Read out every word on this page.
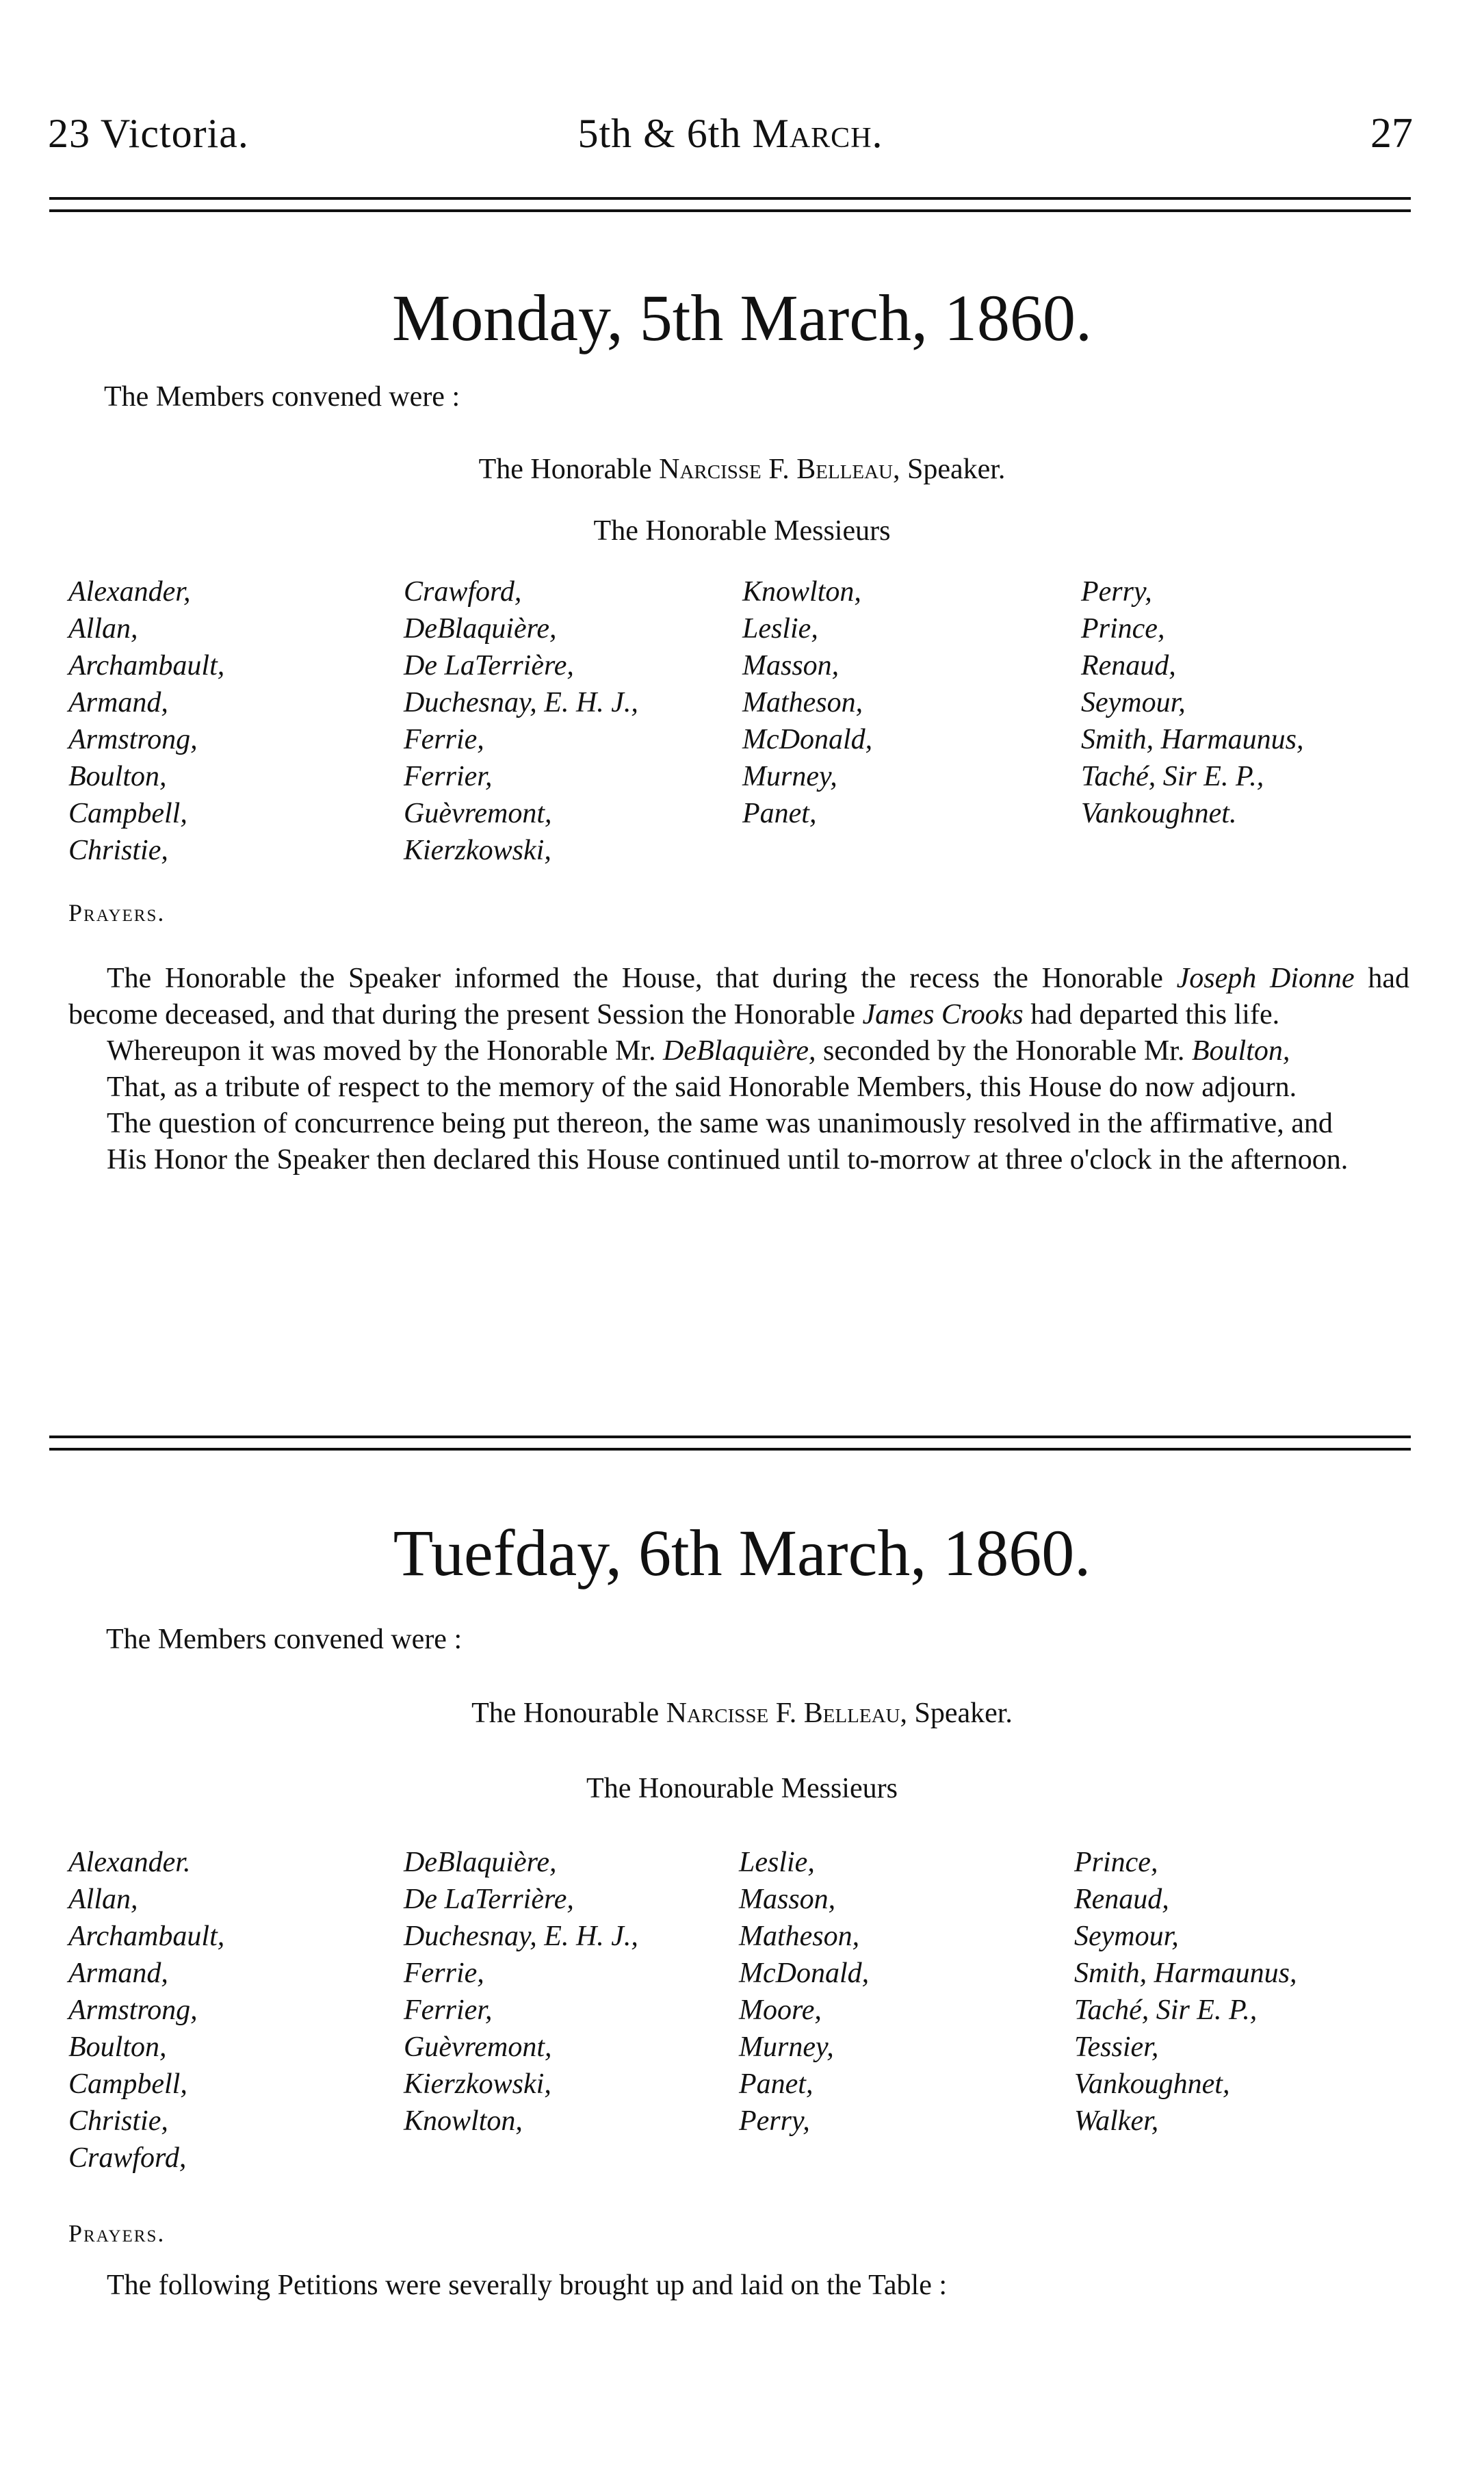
23 Victoria.	5th & 6th March.	27
Monday, 5th March, 1860.
The Members convened were :
The Honorable Narcisse F. Belleau, Speaker.
The Honorable Messieurs
Alexander,
Allan,
Archambault,
Armand,
Armstrong,
Boulton,
Campbell,
Christie,
Crawford,
DeBlaquière,
De LaTerrière,
Duchesnay, E. H. J.,
Ferrie,
Ferrier,
Guèvremont,
Kierzkowski,
Knowlton,
Leslie,
Masson,
Matheson,
McDonald,
Murney,
Panet,
Perry,
Prince,
Renaud,
Seymour,
Smith, Harmaunus,
Taché, Sir E. P.,
Vankoughnet.
Prayers.

The Honorable the Speaker informed the House, that during the recess the Honorable Joseph Dionne had become deceased, and that during the present Session the Honorable James Crooks had departed this life.

Whereupon it was moved by the Honorable Mr. DeBlaquière, seconded by the Honorable Mr. Boulton,

That, as a tribute of respect to the memory of the said Honorable Members, this House do now adjourn.

The question of concurrence being put thereon, the same was unanimously resolved in the affirmative, and

His Honor the Speaker then declared this House continued until to-morrow at three o'clock in the afternoon.

Tuefday, 6th March, 1860.
The Members convened were :
The Honourable Narcisse F. Belleau, Speaker.
The Honourable Messieurs
Alexander.
Allan,
Archambault,
Armand,
Armstrong,
Boulton,
Campbell,
Christie,
Crawford,
DeBlaquière,
De LaTerrière,
Duchesnay, E. H. J.,
Ferrie,
Ferrier,
Guèvremont,
Kierzkowski,
Knowlton,
Leslie,
Masson,
Matheson,
McDonald,
Moore,
Murney,
Panet,
Perry,
Prince,
Renaud,
Seymour,
Smith, Harmaunus,
Taché, Sir E. P.,
Tessier,
Vankoughnet,
Walker,
Prayers.

The following Petitions were severally brought up and laid on the Table :
